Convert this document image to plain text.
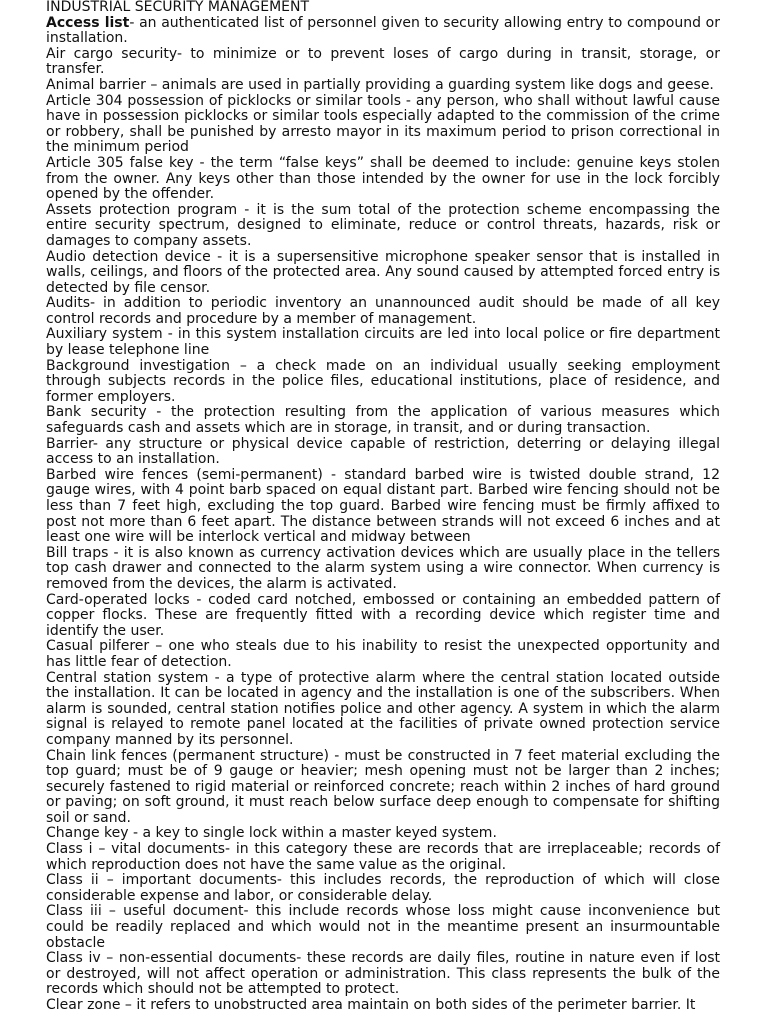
INDUSTRIAL SECURITY MANAGEMENT

Access list- an authenticated list of personnel given to security allowing entry to compound or installation.

Air cargo security- to minimize or to prevent loses of cargo during in transit, storage, or transfer.

Animal barrier – animals are used in partially providing a guarding system like dogs and geese.

Article 304 possession of picklocks or similar tools - any person, who shall without lawful cause have in possession picklocks or similar tools especially adapted to the commission of the crime or robbery, shall be punished by arresto mayor in its maximum period to prison correctional in the minimum period

Article 305 false key - the term “false keys” shall be deemed to include: genuine keys stolen from the owner. Any keys other than those intended by the owner for use in the lock forcibly opened by the offender.

Assets protection program - it is the sum total of the protection scheme encompassing the entire security spectrum, designed to eliminate, reduce or control threats, hazards, risk or damages to company assets.

Audio detection device - it is a supersensitive microphone speaker sensor that is installed in walls, ceilings, and floors of the protected area. Any sound caused by attempted forced entry is detected by file censor.

Audits- in addition to periodic inventory an unannounced audit should be made of all key control records and procedure by a member of management.

Auxiliary system - in this system installation circuits are led into local police or fire department by lease telephone line

Background investigation – a check made on an individual usually seeking employment through subjects records in the police files, educational institutions, place of residence, and former employers.

Bank security - the protection resulting from the application of various measures which safeguards cash and assets which are in storage, in transit, and or during transaction.

Barrier- any structure or physical device capable of restriction, deterring or delaying illegal access to an installation.

Barbed wire fences (semi-permanent) - standard barbed wire is twisted double strand, 12 gauge wires, with 4 point barb spaced on equal distant part. Barbed wire fencing should not be less than 7 feet high, excluding the top guard. Barbed wire fencing must be firmly affixed to post not more than 6 feet apart. The distance between strands will not exceed 6 inches and at least one wire will be interlock vertical and midway between

Bill traps - it is also known as currency activation devices which are usually place in the tellers top cash drawer and connected to the alarm system using a wire connector. When currency is removed from the devices, the alarm is activated.

Card-operated locks - coded card notched, embossed or containing an embedded pattern of copper flocks. These are frequently fitted with a recording device which register time and identify the user.

Casual pilferer – one who steals due to his inability to resist the unexpected opportunity and has little fear of detection.

Central station system - a type of protective alarm where the central station located outside the installation. It can be located in agency and the installation is one of the subscribers. When alarm is sounded, central station notifies police and other agency. A system in which the alarm signal is relayed to remote panel located at the facilities of private owned protection service company manned by its personnel.

Chain link fences (permanent structure) - must be constructed in 7 feet material excluding the top guard; must be of 9 gauge or heavier; mesh opening must not be larger than 2 inches; securely fastened to rigid material or reinforced concrete; reach within 2 inches of hard ground or paving; on soft ground, it must reach below surface deep enough to compensate for shifting soil or sand.

Change key - a key to single lock within a master keyed system.

Class i – vital documents- in this category these are records that are irreplaceable; records of which reproduction does not have the same value as the original.

Class ii – important documents- this includes records, the reproduction of which will close considerable expense and labor, or considerable delay.

Class iii – useful document- this include records whose loss might cause inconvenience but could be readily replaced and which would not in the meantime present an insurmountable obstacle

Class iv – non-essential documents- these records are daily files, routine in nature even if lost or destroyed, will not affect operation or administration. This class represents the bulk of the records which should not be attempted to protect.

Clear zone – it refers to unobstructed area maintain on both sides of the perimeter barrier. It
